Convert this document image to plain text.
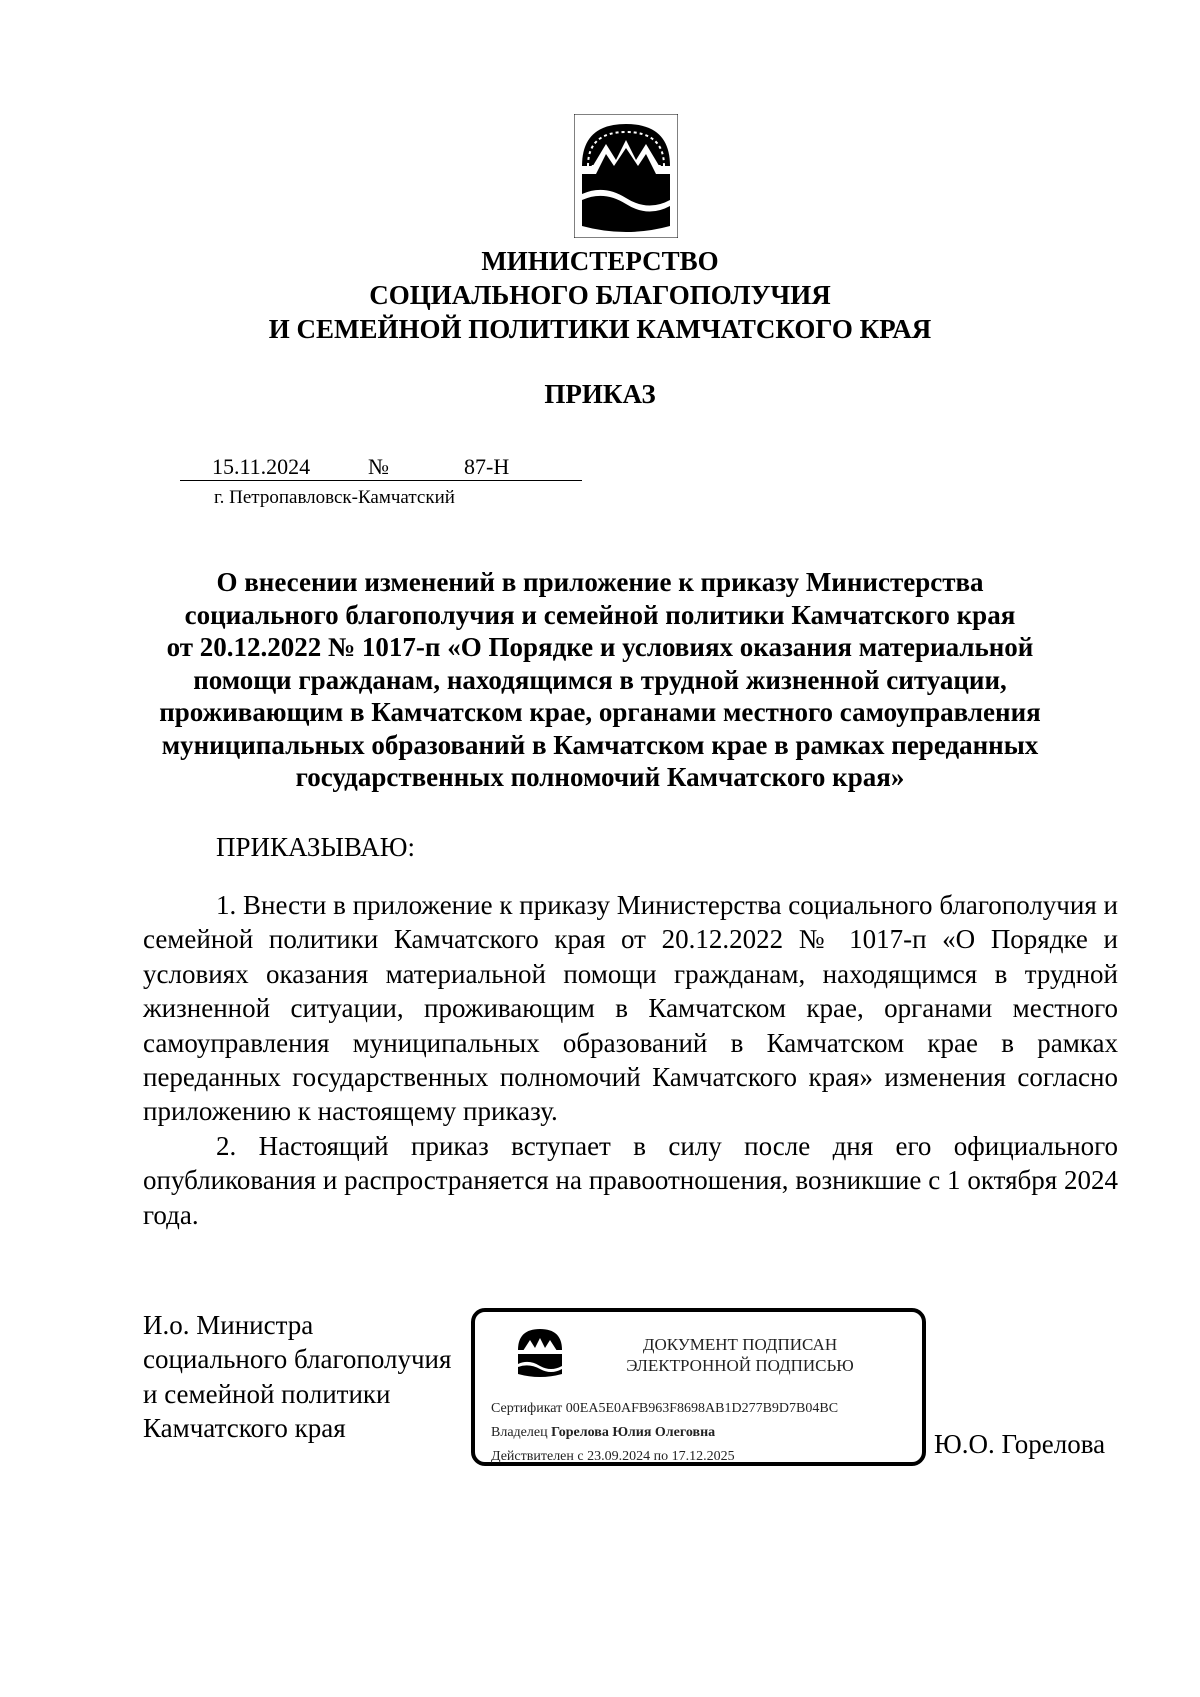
МИНИСТЕРСТВО
СОЦИАЛЬНОГО БЛАГОПОЛУЧИЯ
И СЕМЕЙНОЙ ПОЛИТИКИ КАМЧАТСКОГО КРАЯ
ПРИКАЗ
15.11.2024	№	87-Н
г. Петропавловск-Камчатский
О внесении изменений в приложение к приказу Министерства
социального благополучия и семейной политики Камчатского края
от 20.12.2022 № 1017-п «О Порядке и условиях оказания материальной
помощи гражданам, находящимся в трудной жизненной ситуации,
проживающим в Камчатском крае, органами местного самоуправления
муниципальных образований в Камчатском крае в рамках переданных
государственных полномочий Камчатского края»
ПРИКАЗЫВАЮ:

1. Внести в приложение к приказу Министерства социального благополучия и семейной политики Камчатского края от 20.12.2022 № 1017-п «О Порядке и условиях оказания материальной помощи гражданам, находящимся в трудной жизненной ситуации, проживающим в Камчатском крае, органами местного самоуправления муниципальных образований в Камчатском крае в рамках переданных государственных полномочий Камчатского края» изменения согласно приложению к настоящему приказу.

2. Настоящий приказ вступает в силу после дня его официального опубликования и распространяется на правоотношения, возникшие с 1 октября 2024 года.

И.о. Министра
социального благополучия
и семейной политики
Камчатского края
ДОКУМЕНТ ПОДПИСАН
ЭЛЕКТРОННОЙ ПОДПИСЬЮ
Сертификат 00EA5E0AFB963F8698AB1D277B9D7B04BC
Владелец Горелова Юлия Олеговна
Действителен с 23.09.2024 по 17.12.2025	Ю.О. Горелова
